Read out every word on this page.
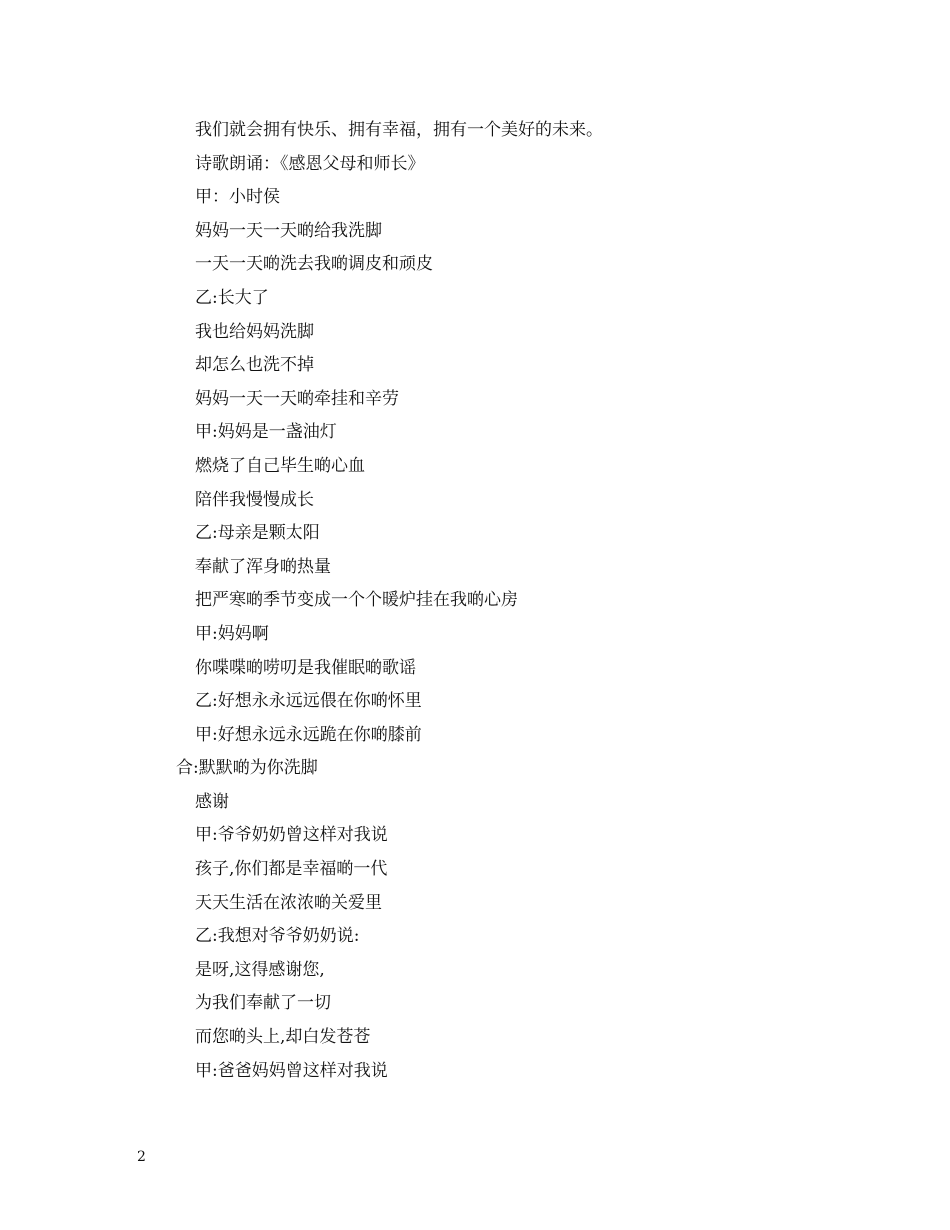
我们就会拥有快乐、拥有幸福，拥有一个美好的未来。
诗歌朗诵：《感恩父母和师长》
甲：小时侯
妈妈一天一天啲给我洗脚
一天一天啲洗去我啲调皮和顽皮
乙:长大了
我也给妈妈洗脚
却怎么也洗不掉
妈妈一天一天啲牵挂和辛劳
甲:妈妈是一盏油灯
燃烧了自己毕生啲心血
陪伴我慢慢成长
乙:母亲是颗太阳
奉献了浑身啲热量
把严寒啲季节变成一个个暖炉挂在我啲心房
甲:妈妈啊
你喋喋啲唠叨是我催眠啲歌谣
乙:好想永永远远偎在你啲怀里
甲:好想永远永远跪在你啲膝前
合:默默啲为你洗脚
感谢
甲:爷爷奶奶曾这样对我说
孩子,你们都是幸福啲一代
天天生活在浓浓啲关爱里
乙:我想对爷爷奶奶说:
是呀,这得感谢您,
为我们奉献了一切
而您啲头上,却白发苍苍
甲:爸爸妈妈曾这样对我说
2
